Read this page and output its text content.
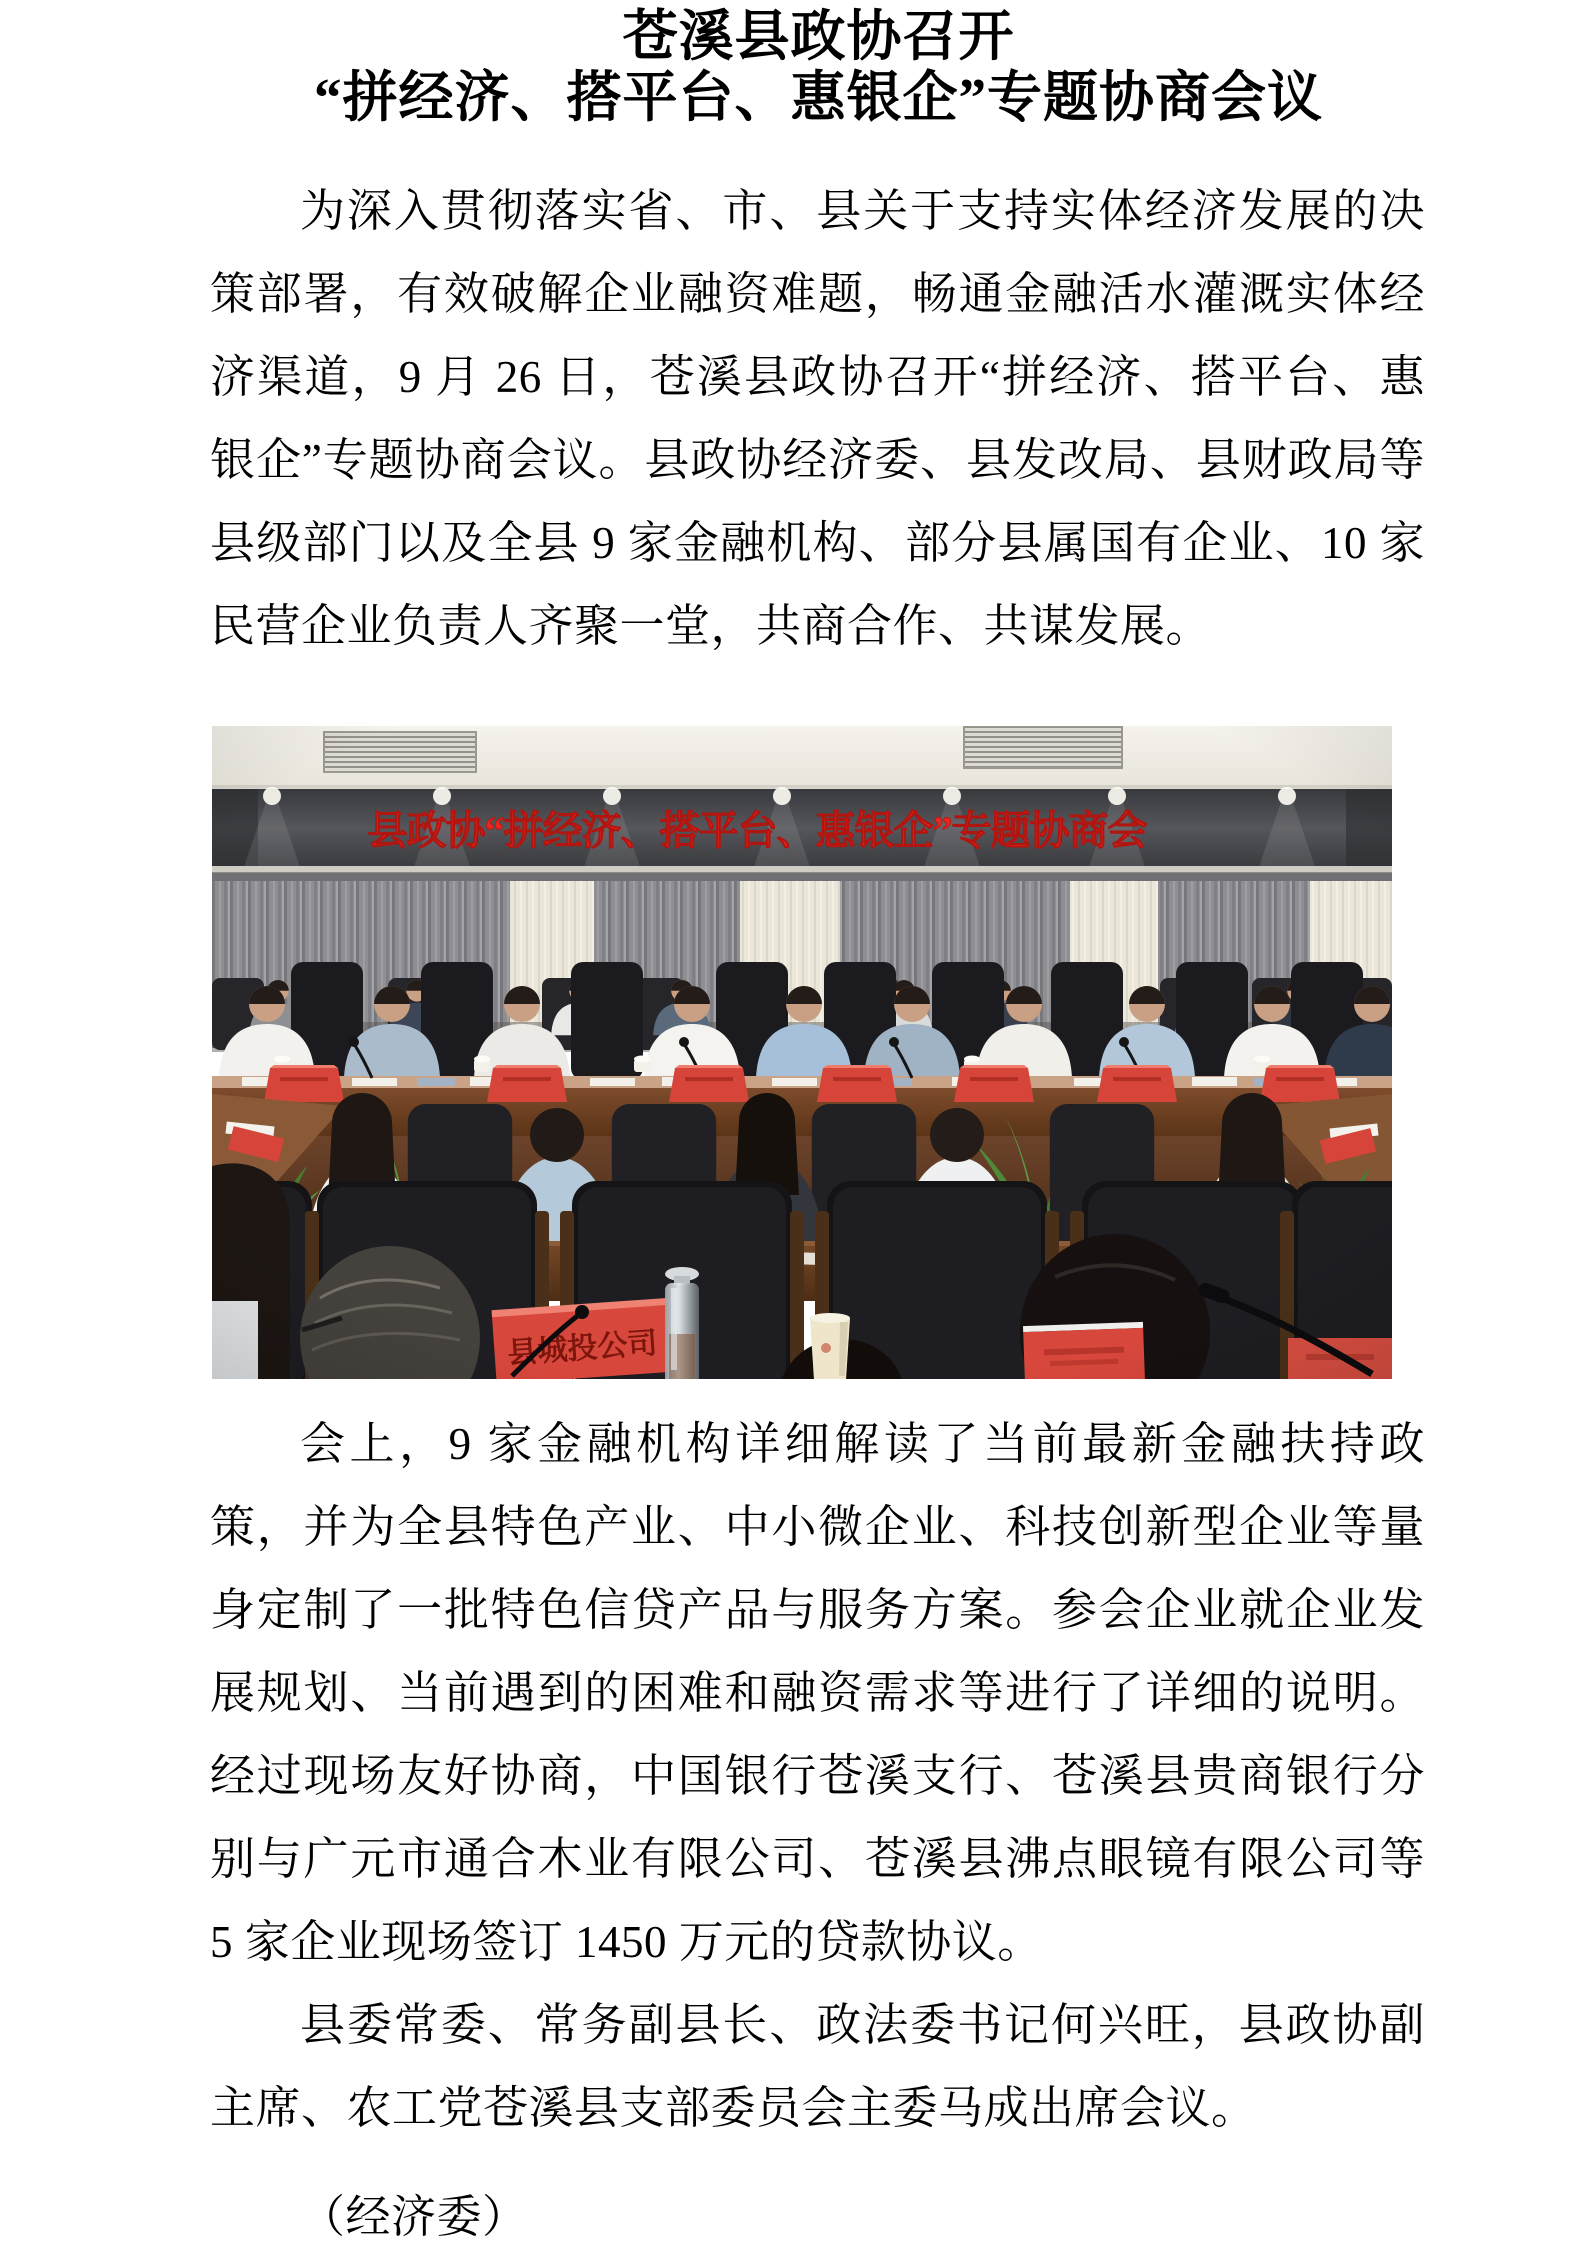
苍溪县政协召开
“拼经济、搭平台、惠银企”专题协商会议

为深入贯彻落实省、市、县关于支持实体经济发展的决策部署，有效破解企业融资难题，畅通金融活水灌溉实体经济渠道，9 月 26 日，苍溪县政协召开“拼经济、搭平台、惠银企”专题协商会议。县政协经济委、县发改局、县财政局等县级部门以及全县 9 家金融机构、部分县属国有企业、10 家民营企业负责人齐聚一堂，共商合作、共谋发展。

会上，9 家金融机构详细解读了当前最新金融扶持政策，并为全县特色产业、中小微企业、科技创新型企业等量身定制了一批特色信贷产品与服务方案。参会企业就企业发展规划、当前遇到的困难和融资需求等进行了详细的说明。经过现场友好协商，中国银行苍溪支行、苍溪县贵商银行分别与广元市通合木业有限公司、苍溪县沸点眼镜有限公司等 5 家企业现场签订 1450 万元的贷款协议。

县委常委、常务副县长、政法委书记何兴旺，县政协副主席、农工党苍溪县支部委员会主委马成出席会议。

（经济委）
